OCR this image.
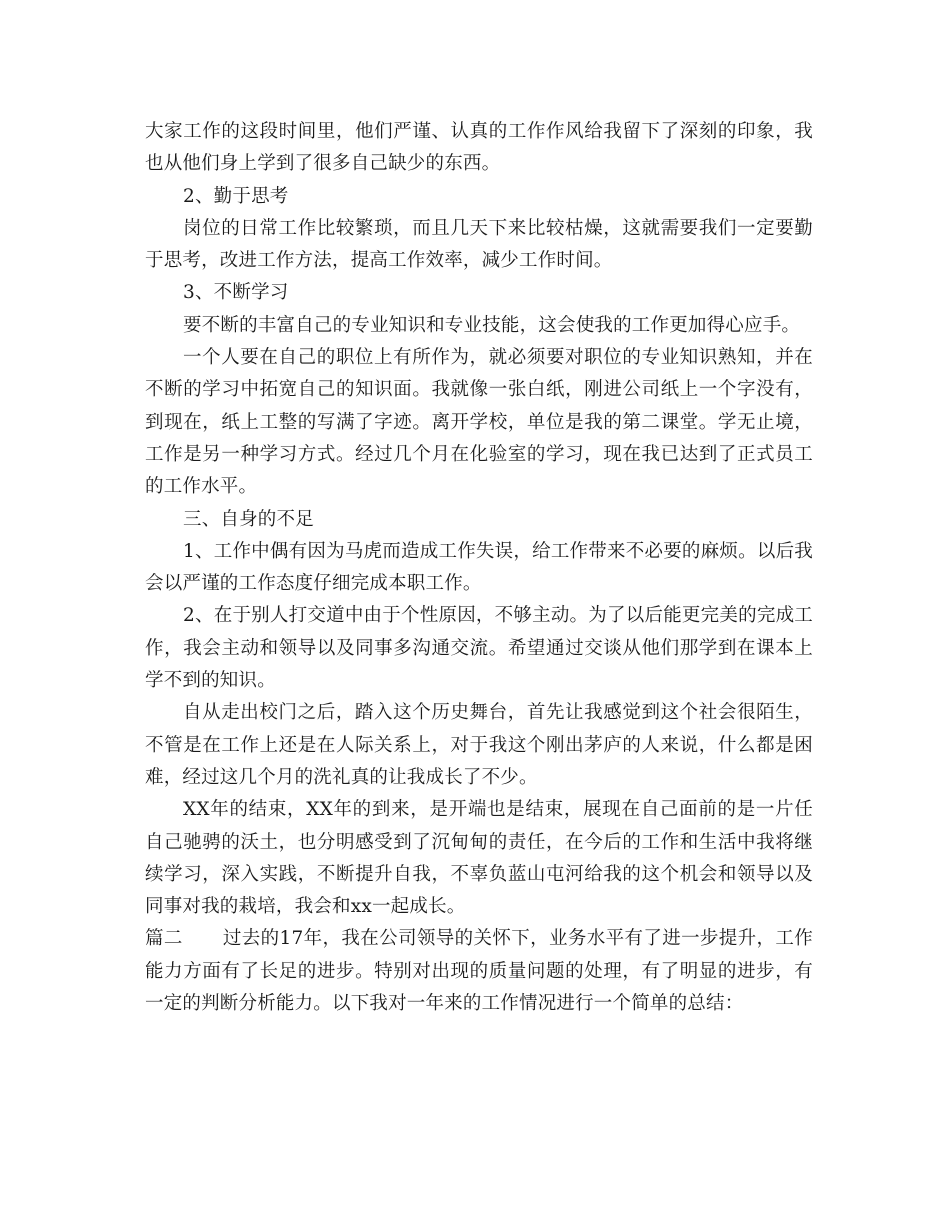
大家工作的这段时间里，他们严谨、认真的工作作风给我留下了深刻的印象，我也从他们身上学到了很多自己缺少的东西。

2、勤于思考

岗位的日常工作比较繁琐，而且几天下来比较枯燥，这就需要我们一定要勤于思考，改进工作方法，提高工作效率，减少工作时间。

3、不断学习

要不断的丰富自己的专业知识和专业技能，这会使我的工作更加得心应手。

一个人要在自己的职位上有所作为，就必须要对职位的专业知识熟知，并在不断的学习中拓宽自己的知识面。我就像一张白纸，刚进公司纸上一个字没有，到现在，纸上工整的写满了字迹。离开学校，单位是我的第二课堂。学无止境，工作是另一种学习方式。经过几个月在化验室的学习，现在我已达到了正式员工的工作水平。

三、自身的不足

1、工作中偶有因为马虎而造成工作失误，给工作带来不必要的麻烦。以后我会以严谨的工作态度仔细完成本职工作。

2、在于别人打交道中由于个性原因，不够主动。为了以后能更完美的完成工作，我会主动和领导以及同事多沟通交流。希望通过交谈从他们那学到在课本上学不到的知识。

自从走出校门之后，踏入这个历史舞台，首先让我感觉到这个社会很陌生，不管是在工作上还是在人际关系上，对于我这个刚出茅庐的人来说，什么都是困难，经过这几个月的洗礼真的让我成长了不少。

XX年的结束，XX年的到来，是开端也是结束，展现在自己面前的是一片任自己驰骋的沃土，也分明感受到了沉甸甸的责任，在今后的工作和生活中我将继续学习，深入实践，不断提升自我，不辜负蓝山屯河给我的这个机会和领导以及同事对我的栽培，我会和xx一起成长。

篇二 过去的17年，我在公司领导的关怀下，业务水平有了进一步提升，工作能力方面有了长足的进步。特别对出现的质量问题的处理，有了明显的进步，有一定的判断分析能力。以下我对一年来的工作情况进行一个简单的总结：
